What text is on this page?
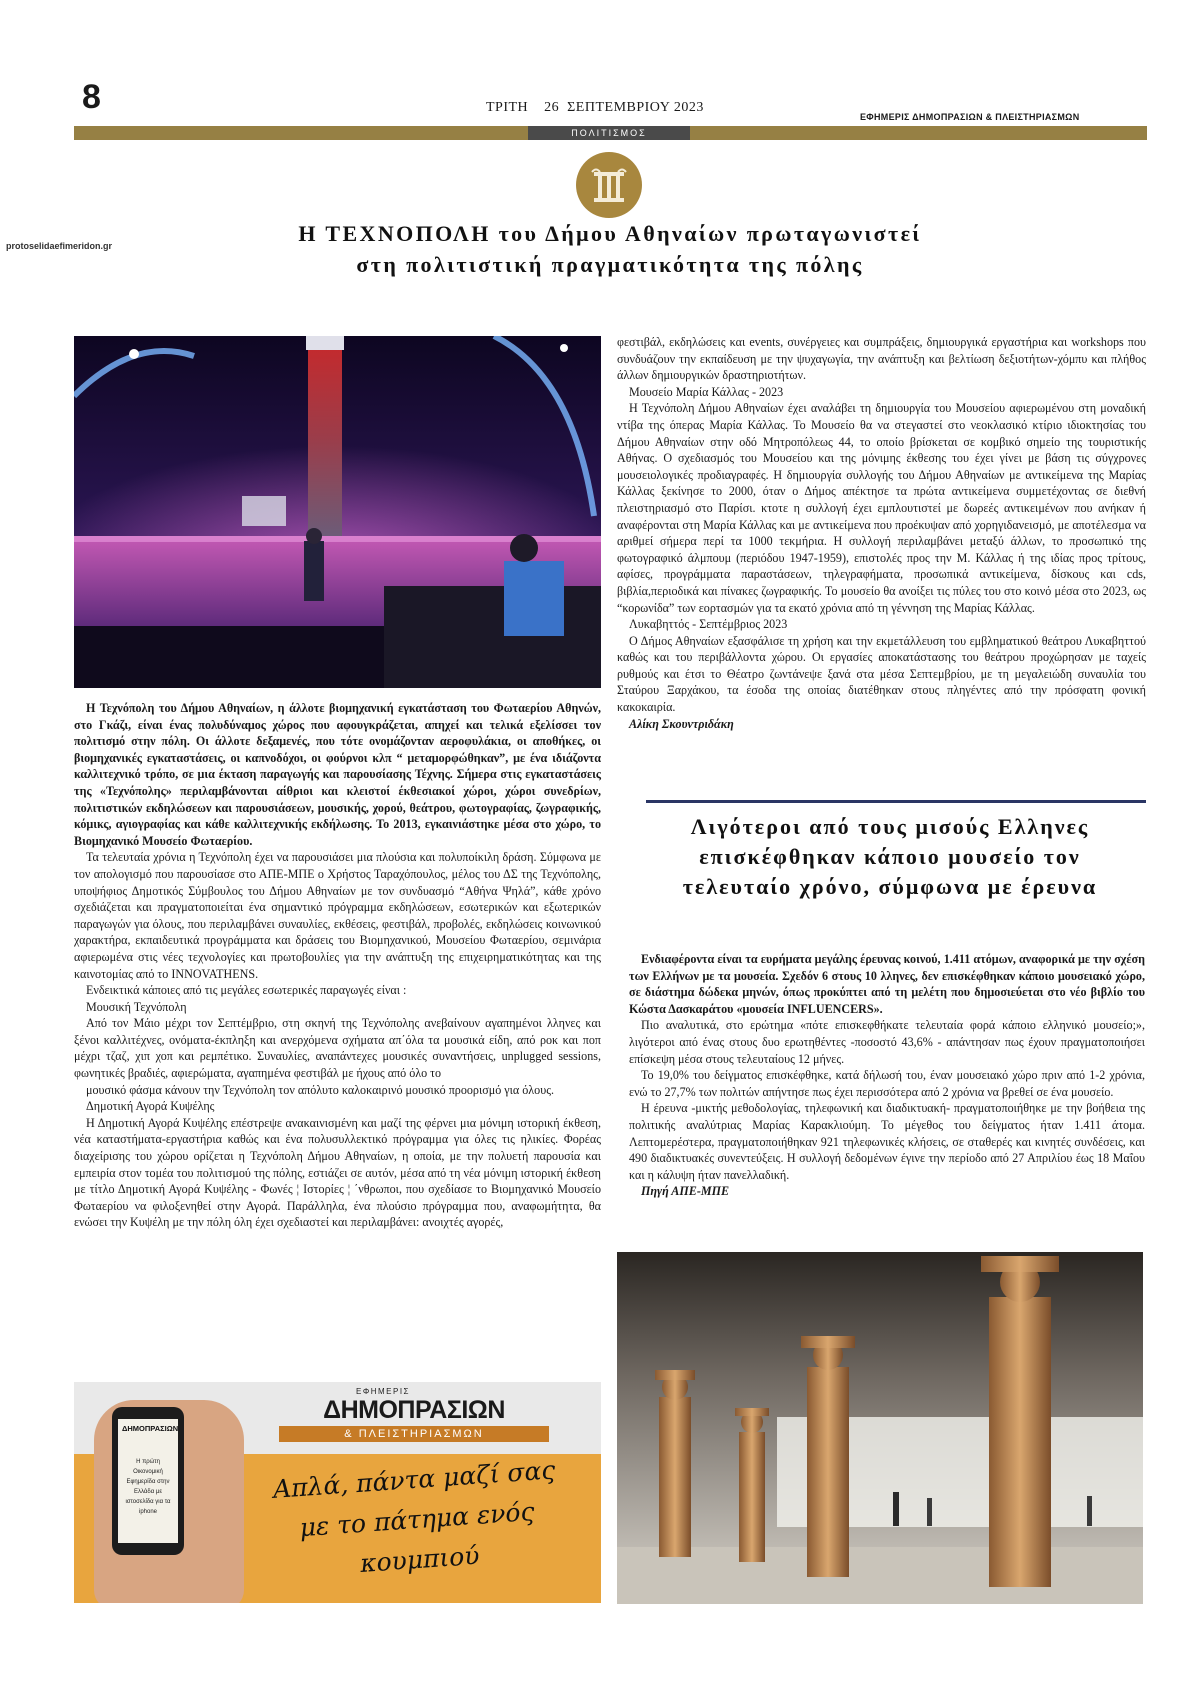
8	ΤΡΙΤΗ    26  ΣΕΠΤΕΜΒΡΙΟΥ 2023
ΕΦΗΜΕΡΙΣ ΔΗΜΟΠΡΑΣΙΩΝ & ΠΛΕΙΣΤΗΡΙΑΣΜΩΝ
ΠΟΛΙΤΙΣΜΟΣ
protoselidaefimeridon.gr	Η ΤΕΧΝΟΠΟΛΗ του Δήμου Αθηναίων πρωταγωνιστεί
στη πολιτιστική πραγματικότητα της πόλης

Η Τεχνόπολη του Δήμου Αθηναίων, η άλλοτε βιομηχανική εγκατάσταση του Φωταερίου Αθηνών, στο Γκάζι, είναι ένας πολυδύναμος χώρος που αφουγκράζεται, απηχεί και τελικά εξελίσσει τον πολιτισμό στην πόλη. Οι άλλοτε δεξαμενές, που τότε ονομάζονταν αεροφυλάκια, οι αποθήκες, οι βιομηχανικές εγκαταστάσεις, οι καπνοδόχοι, οι φούρνοι κλπ “ μεταμορφώθηκαν”, με ένα ιδιάζοντα καλλιτεχνικό τρόπο, σε μια έκταση παραγωγής και παρουσίασης Τέχνης. Σήμερα στις εγκαταστάσεις της «Τεχνόπολης» περιλαμβάνονται αίθριοι και κλειστοί έκθεσιακοί χώροι, χώροι συνεδρίων, πολιτιστικών εκδηλώσεων και παρουσιάσεων, μουσικής, χορού, θεάτρου, φωτογραφίας, ζωγραφικής, κόμικς, αγιογραφίας και κάθε καλλιτεχνικής εκδήλωσης. Το 2013, εγκαινιάστηκε μέσα στο χώρο, το Βιομηχανικό Μουσείο Φωταερίου.

Τα τελευταία χρόνια η Τεχνόπολη έχει να παρουσιάσει μια πλούσια και πολυποίκιλη δράση. Σύμφωνα με τον απολογισμό που παρουσίασε στο ΑΠΕ-ΜΠΕ ο Χρήστος Ταραχόπουλος, μέλος του ΔΣ της Τεχνόπολης, υποψήφιος Δημοτικός Σύμβουλος του Δήμου Αθηναίων με τον συνδυασμό “Αθήνα Ψηλά”, κάθε χρόνο σχεδιάζεται και πραγματοποιείται ένα σημαντικό πρόγραμμα εκδηλώσεων, εσωτερικών και εξωτερικών παραγωγών για όλους, που περιλαμβάνει συναυλίες, εκθέσεις, φεστιβάλ, προβολές, εκδηλώσεις κοινωνικού χαρακτήρα, εκπαιδευτικά προγράμματα και δράσεις του Βιομηχανικού, Μουσείου Φωταερίου, σεμινάρια αφιερωμένα στις νέες τεχνολογίες και πρωτοβουλίες για την ανάπτυξη της επιχειρηματικότητας και της καινοτομίας από το INNOVATHENS.

Ενδεικτικά κάποιες από τις μεγάλες εσωτερικές παραγωγές είναι :

Μουσική Τεχνόπολη

Από τον Μάιο μέχρι τον Σεπτέμβριο, στη σκηνή της Τεχνόπολης ανεβαίνουν αγαπημένοι λληνες και ξένοι καλλιτέχνες, ονόματα-έκπληξη και ανερχόμενα σχήματα απ΄όλα τα μουσικά είδη, από ροκ και ποπ μέχρι τζαζ, χιπ χοπ και ρεμπέτικο. Συναυλίες, αναπάντεχες μουσικές συναντήσεις, unplugged sessions, φωνητικές βραδιές, αφιερώματα, αγαπημένα φεστιβάλ με ήχους από όλο το

μουσικό φάσμα κάνουν την Τεχνόπολη τον απόλυτο καλοκαιρινό μουσικό προορισμό για όλους.

Δημοτική Αγορά Κυψέλης

Η Δημοτική Αγορά Κυψέλης επέστρεψε ανακαινισμένη και μαζί της φέρνει μια μόνιμη ιστορική έκθεση, νέα καταστήματα-εργαστήρια καθώς και ένα πολυσυλλεκτικό πρόγραμμα για όλες τις ηλικίες. Φορέας διαχείρισης του χώρου ορίζεται η Τεχνόπολη Δήμου Αθηναίων, η οποία, με την πολυετή παρουσία και εμπειρία στον τομέα του πολιτισμού της πόλης, εστιάζει σε αυτόν, μέσα από τη νέα μόνιμη ιστορική έκθεση με τίτλο Δημοτική Αγορά Κυψέλης - Φωνές ¦ Ιστορίες ¦ ΄νθρωποι, που σχεδίασε το Βιομηχανικό Μουσείο Φωταερίου να φιλοξενηθεί στην Αγορά. Παράλληλα, ένα πλούσιο πρόγραμμα που, αναφωμήτητα, θα ενώσει την Κυψέλη με την πόλη όλη έχει σχεδιαστεί και περιλαμβάνει: ανοιχτές αγορές,

φεστιβάλ, εκδηλώσεις και events, συνέργειες και συμπράξεις, δημιουργικά εργαστήρια και workshops που συνδυάζουν την εκπαίδευση με την ψυχαγωγία, την ανάπτυξη και βελτίωση δεξιοτήτων-χόμπυ και πλήθος άλλων δημιουργικών δραστηριοτήτων.

Μουσείο Μαρία Κάλλας - 2023

Η Τεχνόπολη Δήμου Αθηναίων έχει αναλάβει τη δημιουργία του Μουσείου αφιερωμένου στη μοναδική ντίβα της όπερας Μαρία Κάλλας. Το Μουσείο θα να στεγαστεί στο νεοκλασικό κτίριο ιδιοκτησίας του Δήμου Αθηναίων στην οδό Μητροπόλεως 44, το οποίο βρίσκεται σε κομβικό σημείο της τουριστικής Αθήνας. Ο σχεδιασμός του Μουσείου και της μόνιμης έκθεσης του έχει γίνει με βάση τις σύγχρονες μουσειολογικές προδιαγραφές. Η δημιουργία συλλογής του Δήμου Αθηναίων με αντικείμενα της Μαρίας Κάλλας ξεκίνησε το 2000, όταν ο Δήμος απέκτησε τα πρώτα αντικείμενα συμμετέχοντας σε διεθνή πλειστηριασμό στο Παρίσι. κτοτε η συλλογή έχει εμπλουτιστεί με δωρεές αντικειμένων που ανήκαν ή αναφέρονται στη Μαρία Κάλλας και με αντικείμενα που προέκυψαν από χορηγιδανεισμό, με αποτέλεσμα να αριθμεί σήμερα περί τα 1000 τεκμήρια. Η συλλογή περιλαμβάνει μεταξύ άλλων, το προσωπικό της φωτογραφικό άλμπουμ (περιόδου 1947-1959), επιστολές προς την Μ. Κάλλας ή της ιδίας προς τρίτους, αφίσες, προγράμματα παραστάσεων, τηλεγραφήματα, προσωπικά αντικείμενα, δίσκους και cds, βιβλία,περιοδικά και πίνακες ζωγραφικής. Το μουσείο θα ανοίξει τις πύλες του στο κοινό μέσα στο 2023, ως “κορωνίδα” των εορτασμών για τα εκατό χρόνια από τη γέννηση της Μαρίας Κάλλας.

Λυκαβηττός - Σεπτέμβριος 2023

Ο Δήμος Αθηναίων εξασφάλισε τη χρήση και την εκμετάλλευση του εμβληματικού θεάτρου Λυκαβηττού καθώς και του περιβάλλοντα χώρου. Οι εργασίες αποκατάστασης του θεάτρου προχώρησαν με ταχείς ρυθμούς και έτσι το Θέατρο ζωντάνεψε ξανά στα μέσα Σεπτεμβρίου, με τη μεγαλειώδη συναυλία του Σταύρου Ξαρχάκου, τα έσοδα της οποίας διατέθηκαν στους πληγέντες από την πρόσφατη φονική κακοκαιρία.

Αλίκη Σκουντριδάκη

Λιγότεροι από τους μισούς Ελληνες
επισκέφθηκαν κάποιο μουσείο τον
τελευταίο χρόνο, σύμφωνα με έρευνα

Ενδιαφέροντα είναι τα ευρήματα μεγάλης έρευνας κοινού, 1.411 ατόμων, αναφορικά με την σχέση των Ελλήνων με τα μουσεία. Σχεδόν 6 στους 10 λληνες, δεν επισκέφθηκαν κάποιο μουσειακό χώρο, σε διάστημα δώδεκα μηνών, όπως προκύπτει από τη μελέτη που δημοσιεύεται στο νέο βιβλίο του Κώστα Δασκαράτου «μουσεία INFLUENCERS».

Πιο αναλυτικά, στο ερώτημα «πότε επισκεφθήκατε τελευταία φορά κάποιο ελληνικό μουσείο;», λιγότεροι από ένας στους δυο ερωτηθέντες -ποσοστό 43,6% - απάντησαν πως έχουν πραγματοποιήσει επίσκεψη μέσα στους τελευταίους 12 μήνες.

Το 19,0% του δείγματος επισκέφθηκε, κατά δήλωσή του, έναν μουσειακό χώρο πριν από 1-2 χρόνια, ενώ το 27,7% των πολιτών απήντησε πως έχει περισσότερα από 2 χρόνια να βρεθεί σε ένα μουσείο.

Η έρευνα -μικτής μεθοδολογίας, τηλεφωνική και διαδικτυακή- πραγματοποιήθηκε με την βοήθεια της πολιτικής αναλύτριας Μαρίας Καρακλιούμη. Το μέγεθος του δείγματος ήταν 1.411 άτομα. Λεπτομερέστερα, πραγματοποιήθηκαν 921 τηλεφωνικές κλήσεις, σε σταθερές και κινητές συνδέσεις, και 490 διαδικτυακές συνεντεύξεις. Η συλλογή δεδομένων έγινε την περίοδο από 27 Απριλίου έως 18 Μαΐου και η κάλυψη ήταν πανελλαδική.

Πηγή ΑΠΕ-ΜΠΕ

ΕΦΗΜΕΡΙΣ
ΔΗΜΟΠΡΑΣΙΩΝ
& ΠΛΕΙΣΤΗΡΙΑΣΜΩΝ
Απλά, πάντα μαζί σας
με το πάτημα ενός κουμπιού
ΔΗΜΟΠΡΑΣΙΩΝ
Η πρώτη Οικονομική Εφημερίδα στην Ελλάδα με ιστοσελίδα για τα iphone
